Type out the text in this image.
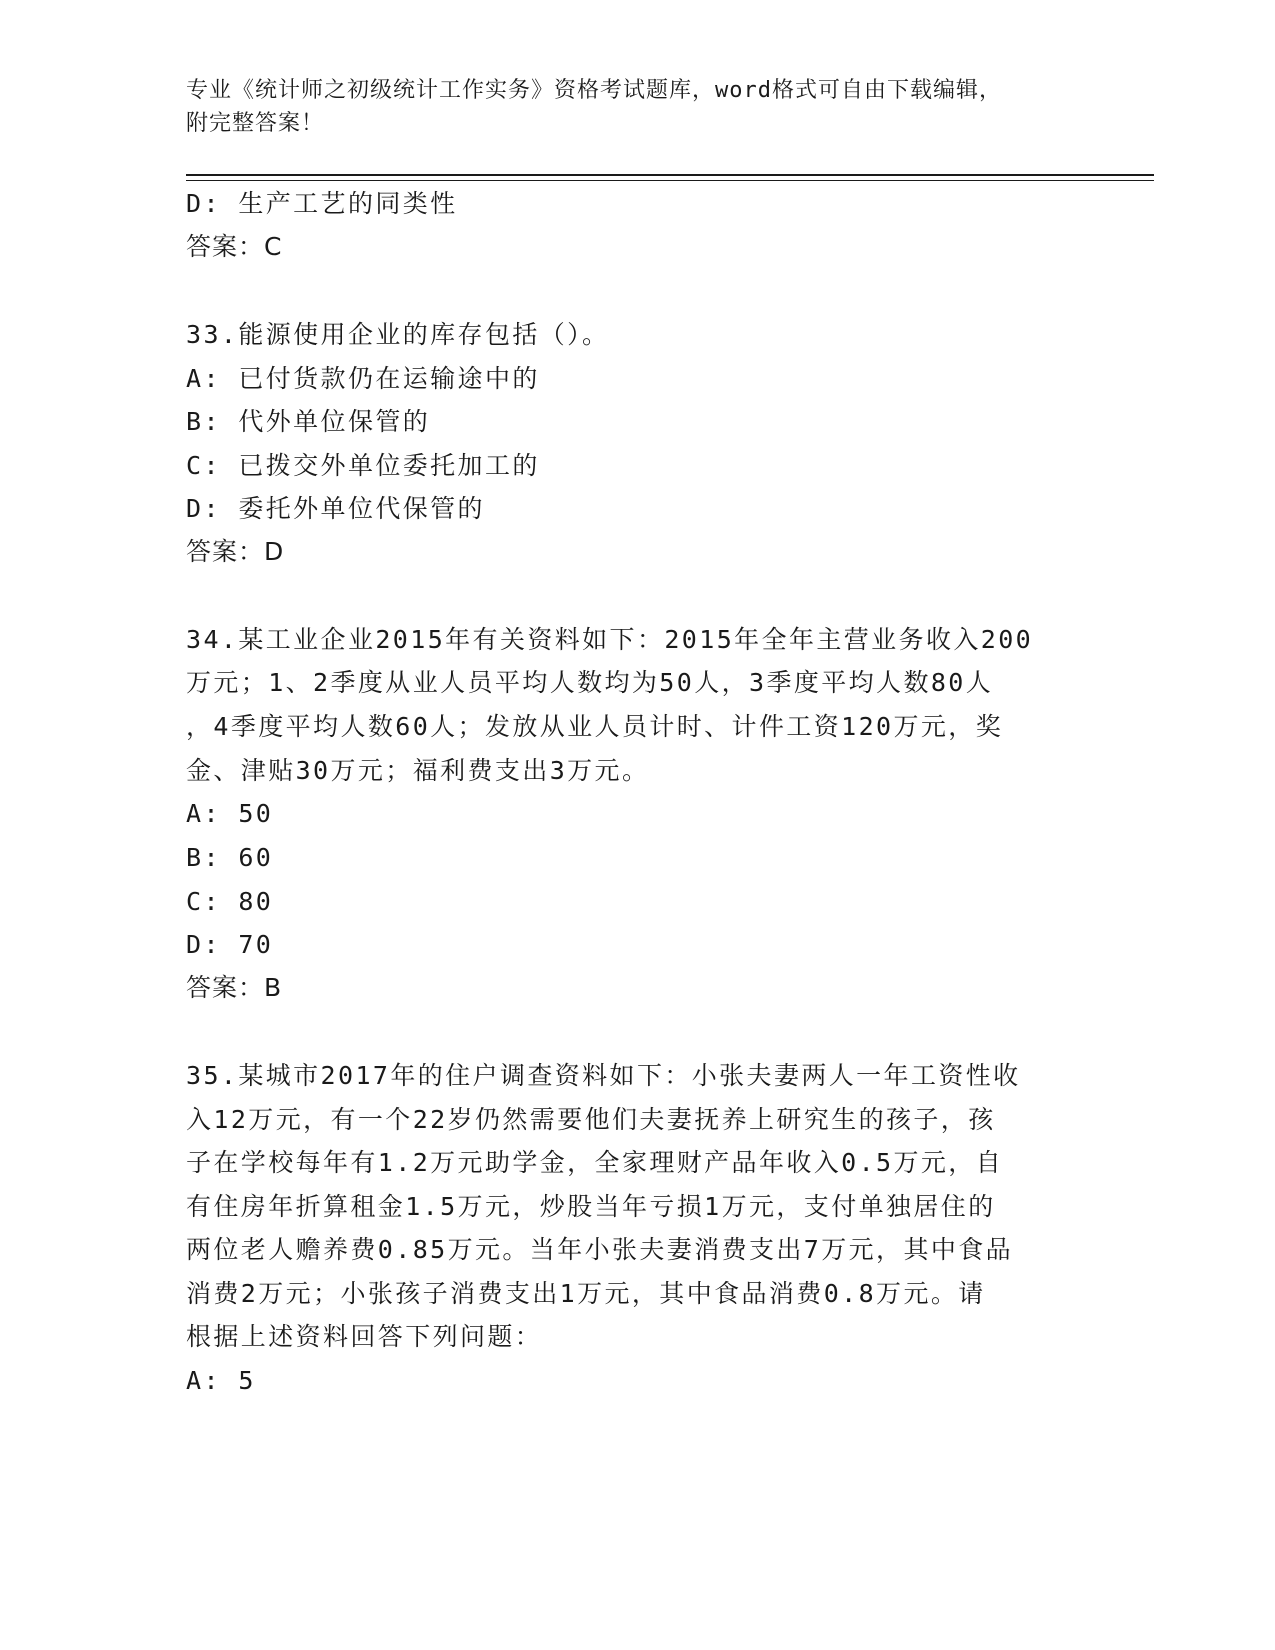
专业《统计师之初级统计工作实务》资格考试题库，word格式可自由下载编辑，
附完整答案！
D: 生产工艺的同类性
答案：C
33.能源使用企业的库存包括（）。
A: 已付货款仍在运输途中的
B: 代外单位保管的
C: 已拨交外单位委托加工的
D: 委托外单位代保管的
答案：D
34.某工业企业2015年有关资料如下：2015年全年主营业务收入200
万元；1、2季度从业人员平均人数均为50人，3季度平均人数80人
，4季度平均人数60人；发放从业人员计时、计件工资120万元，奖
金、津贴30万元；福利费支出3万元。
A: 50
B: 60
C: 80
D: 70
答案：B
35.某城市2017年的住户调查资料如下：小张夫妻两人一年工资性收
入12万元，有一个22岁仍然需要他们夫妻抚养上研究生的孩子，孩
子在学校每年有1.2万元助学金，全家理财产品年收入0.5万元，自
有住房年折算租金1.5万元，炒股当年亏损1万元，支付单独居住的
两位老人赡养费0.85万元。当年小张夫妻消费支出7万元，其中食品
消费2万元；小张孩子消费支出1万元，其中食品消费0.8万元。请
根据上述资料回答下列问题：
A: 5
